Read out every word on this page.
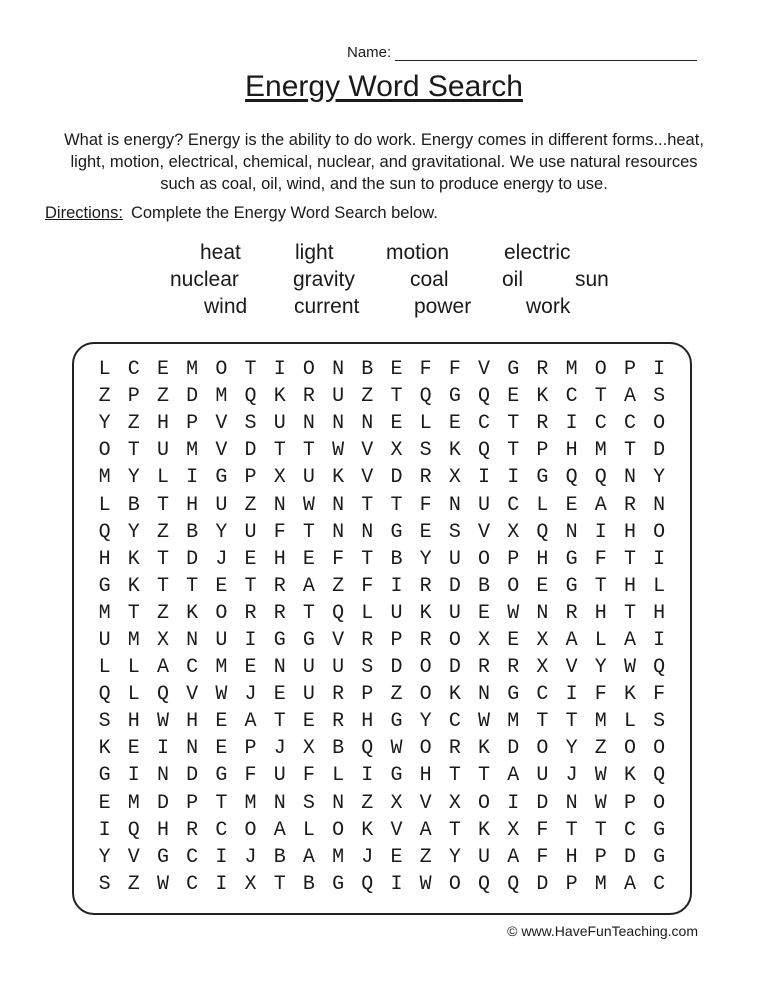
Name:
Energy Word Search
What is energy? Energy is the ability to do work. Energy comes in different forms...heat, light, motion, electrical, chemical, nuclear, and gravitational. We use natural resources such as coal, oil, wind, and the sun to produce energy to use.
Directions: Complete the Energy Word Search below.
heat	light motion	electric
nuclear	gravity	coal	oil sun
wind current	power	work
L C E M O T I O N B E F F V G R M O P I
Z P Z D M Q K R U Z T Q G Q E K C T A S
Y Z H P V S U N N N E L E C T R I C C O
O T U M V D T T W V X S K Q T P H M T D
M Y L I G P X U K V D R X I I G Q Q N Y
L B T H U Z N W N T T F N U C L E A R N
Q Y Z B Y U F T N N G E S V X Q N I H O
H K T D J E H E F T B Y U O P H G F T I
G K T T E T R A Z F I R D B O E G T H L
M T Z K O R R T Q L U K U E W N R H T H
U M X N U I G G V R P R O X E X A L A I
L L A C M E N U U S D O D R R X V Y W Q
Q L Q V W J E U R P Z O K N G C I F K F
S H W H E A T E R H G Y C W M T T M L S
K E I N E P J X B Q W O R K D O Y Z O O
G I N D G F U F L I G H T T A U J W K Q
E M D P T M N S N Z X V X O I D N W P O
I Q H R C O A L O K V A T K X F T T C G
Y V G C I J B A M J E Z Y U A F H P D G
S Z W C I X T B G Q I W O Q Q D P M A C
© www.HaveFunTeaching.com
